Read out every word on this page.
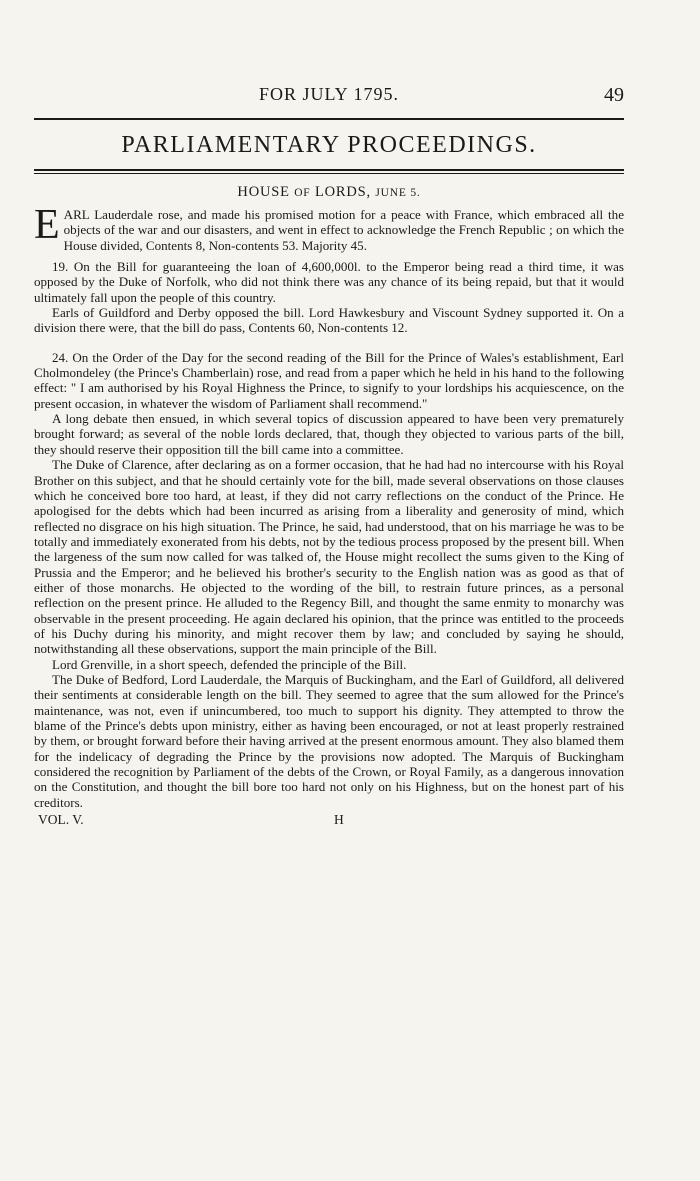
FOR JULY 1795.	49
PARLIAMENTARY PROCEEDINGS.
HOUSE OF LORDS, JUNE 5.

EARL Lauderdale rose, and made his promised motion for a peace with France, which embraced all the objects of the war and our disasters, and went in effect to acknowledge the French Republic ; on which the House divided, Contents 8, Non-contents 53. Majority 45.

19. On the Bill for guaranteeing the loan of 4,600,000l. to the Emperor being read a third time, it was opposed by the Duke of Norfolk, who did not think there was any chance of its being repaid, but that it would ultimately fall upon the people of this country.

Earls of Guildford and Derby opposed the bill. Lord Hawkesbury and Viscount Sydney supported it. On a division there were, that the bill do pass, Contents 60, Non-contents 12.

24. On the Order of the Day for the second reading of the Bill for the Prince of Wales's establishment, Earl Cholmondeley (the Prince's Chamberlain) rose, and read from a paper which he held in his hand to the following effect: " I am authorised by his Royal Highness the Prince, to signify to your lordships his acquiescence, on the present occasion, in whatever the wisdom of Parliament shall recommend."

A long debate then ensued, in which several topics of discussion appeared to have been very prematurely brought forward; as several of the noble lords declared, that, though they objected to various parts of the bill, they should reserve their opposition till the bill came into a committee.

The Duke of Clarence, after declaring as on a former occasion, that he had had no intercourse with his Royal Brother on this subject, and that he should certainly vote for the bill, made several observations on those clauses which he conceived bore too hard, at least, if they did not carry reflections on the conduct of the Prince. He apologised for the debts which had been incurred as arising from a liberality and generosity of mind, which reflected no disgrace on his high situation. The Prince, he said, had understood, that on his marriage he was to be totally and immediately exonerated from his debts, not by the tedious process proposed by the present bill. When the largeness of the sum now called for was talked of, the House might recollect the sums given to the King of Prussia and the Emperor; and he believed his brother's security to the English nation was as good as that of either of those monarchs. He objected to the wording of the bill, to restrain future princes, as a personal reflection on the present prince. He alluded to the Regency Bill, and thought the same enmity to monarchy was observable in the present proceeding. He again declared his opinion, that the prince was entitled to the proceeds of his Duchy during his minority, and might recover them by law; and concluded by saying he should, notwithstanding all these observations, support the main principle of the Bill.

Lord Grenville, in a short speech, defended the principle of the Bill.

The Duke of Bedford, Lord Lauderdale, the Marquis of Buckingham, and the Earl of Guildford, all delivered their sentiments at considerable length on the bill. They seemed to agree that the sum allowed for the Prince's maintenance, was not, even if unincumbered, too much to support his dignity. They attempted to throw the blame of the Prince's debts upon ministry, either as having been encouraged, or not at least properly restrained by them, or brought forward before their having arrived at the present enormous amount. They also blamed them for the indelicacy of degrading the Prince by the provisions now adopted. The Marquis of Buckingham considered the recognition by Parliament of the debts of the Crown, or Royal Family, as a dangerous innovation on the Constitution, and thought the bill bore too hard not only on his Highness, but on the honest part of his creditors.

VOL. V.	H
